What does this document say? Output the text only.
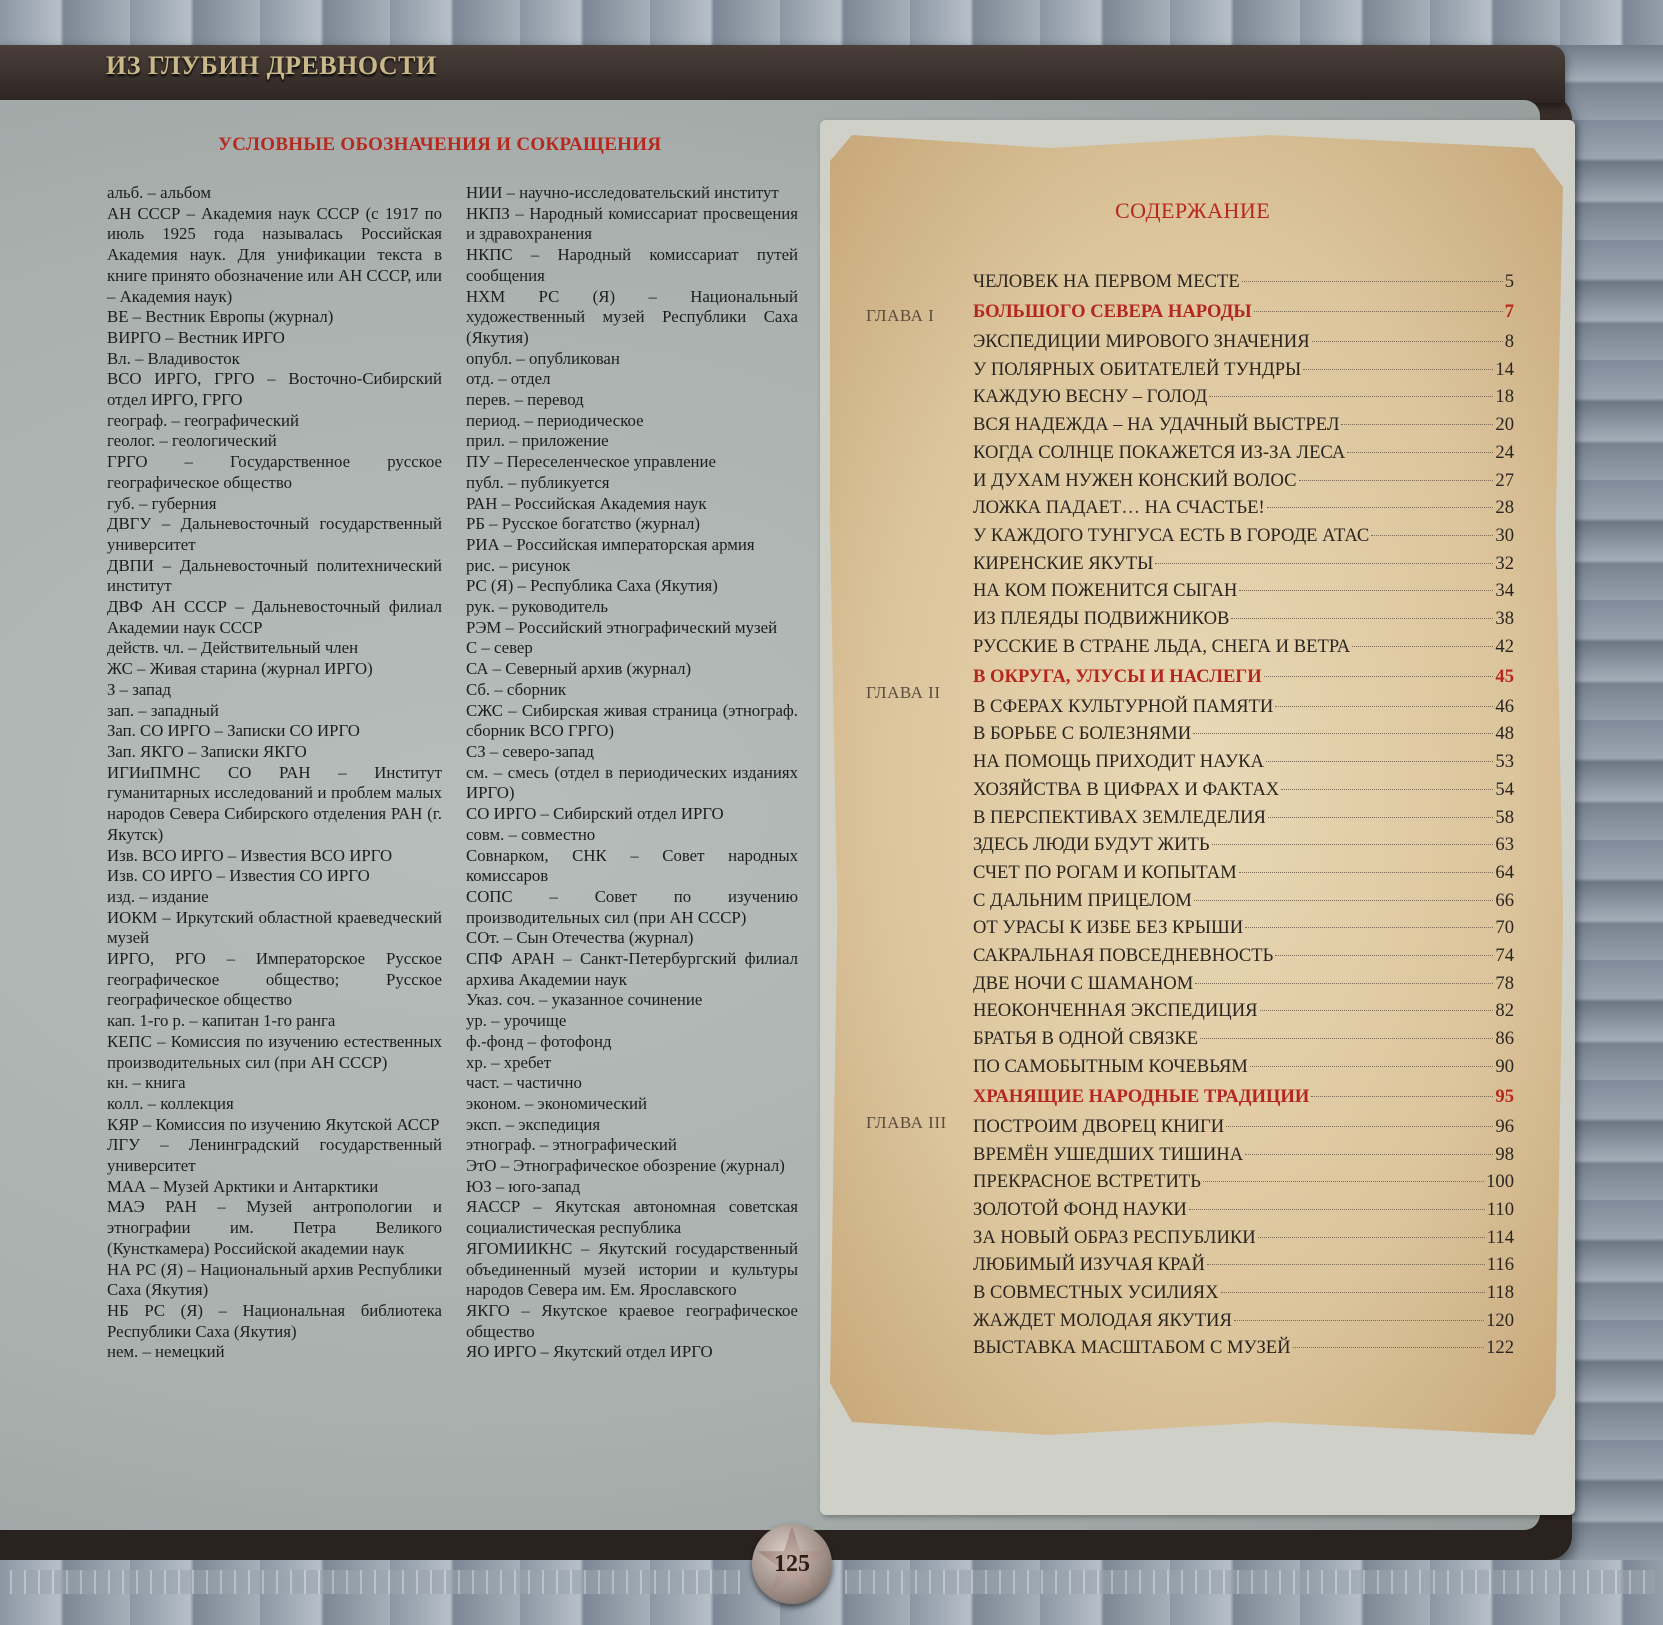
ИЗ ГЛУБИН ДРЕВНОСТИ
УСЛОВНЫЕ ОБОЗНАЧЕНИЯ И СОКРАЩЕНИЯ

альб. – альбом

АН СССР – Академия наук СССР (с 1917 по июль 1925 года называлась Российская Академия наук. Для унификации текста в книге принято обозначение или АН СССР, или – Академия наук)

ВЕ – Вестник Европы (журнал)

ВИРГО – Вестник ИРГО

Вл. – Владивосток

ВСО ИРГО, ГРГО – Восточно-Сибирский отдел ИРГО, ГРГО

географ. – географический

геолог. – геологический

ГРГО – Государственное русское географическое общество

губ. – губерния

ДВГУ – Дальневосточный государственный университет

ДВПИ – Дальневосточный политехнический институт

ДВФ АН СССР – Дальневосточный филиал Академии наук СССР

действ. чл. – Действительный член

ЖС – Живая старина (журнал ИРГО)

З – запад

зап. – западный

Зап. СО ИРГО – Записки СО ИРГО

Зап. ЯКГО – Записки ЯКГО

ИГИиПМНС СО РАН – Институт гуманитарных исследований и проблем малых народов Севера Сибирского отделения РАН (г. Якутск)

Изв. ВСО ИРГО – Известия ВСО ИРГО

Изв. СО ИРГО – Известия СО ИРГО

изд. – издание

ИОКМ – Иркутский областной краеведческий музей

ИРГО, РГО – Императорское Русское географическое общество; Русское географическое общество

кап. 1-го р. – капитан 1-го ранга

КЕПС – Комиссия по изучению естественных производительных сил (при АН СССР)

кн. – книга

колл. – коллекция

КЯР – Комиссия по изучению Якутской АССР

ЛГУ – Ленинградский государственный университет

МАА – Музей Арктики и Антарктики

МАЭ РАН – Музей антропологии и этнографии им. Петра Великого (Кунсткамера) Российской академии наук

НА РС (Я) – Национальный архив Республики Саха (Якутия)

НБ РС (Я) – Национальная библиотека Республики Саха (Якутия)

нем. – немецкий

НИИ – научно-исследовательский институт

НКПЗ – Народный комиссариат просвещения и здравохранения

НКПС – Народный комиссариат путей сообщения

НХМ РС (Я) – Национальный художественный музей Республики Саха (Якутия)

опубл. – опубликован

отд. – отдел

перев. – перевод

период. – периодическое

прил. – приложение

ПУ – Переселенческое управление

публ. – публикуется

РАН – Российская Академия наук

РБ – Русское богатство (журнал)

РИА – Российская императорская армия

рис. – рисунок

РС (Я) – Республика Саха (Якутия)

рук. – руководитель

РЭМ – Российский этнографический музей

С – север

СА – Северный архив (журнал)

Сб. – сборник

СЖС – Сибирская живая страница (этнограф. сборник ВСО ГРГО)

СЗ – северо-запад

см. – смесь (отдел в периодических изданиях ИРГО)

СО ИРГО – Сибирский отдел ИРГО

совм. – совместно

Совнарком, СНК – Совет народных комиссаров

СОПС – Совет по изучению производительных сил (при АН СССР)

СОт. – Сын Отечества (журнал)

СПФ АРАН – Санкт-Петербургский филиал архива Академии наук

Указ. соч. – указанное сочинение

ур. – урочище

ф.-фонд – фотофонд

хр. – хребет

част. – частично

эконом. – экономический

эксп. – экспедиция

этнограф. – этнографический

ЭтО – Этнографическое обозрение (журнал)

ЮЗ – юго-запад

ЯАССР – Якутская автономная советская социалистическая республика

ЯГОМИИКНС – Якутский государственный объединенный музей истории и культуры народов Севера им. Ем. Ярославского

ЯКГО – Якутское краевое географическое общество

ЯО ИРГО – Якутский отдел ИРГО

СОДЕРЖАНИЕ
ЧЕЛОВЕК НА ПЕРВОМ МЕСТЕ	5
БОЛЬШОГО СЕВЕРА НАРОДЫ	7
ЭКСПЕДИЦИИ МИРОВОГО ЗНАЧЕНИЯ	8
У ПОЛЯРНЫХ ОБИТАТЕЛЕЙ ТУНДРЫ	14
КАЖДУЮ ВЕСНУ – ГОЛОД	18
ВСЯ НАДЕЖДА – НА УДАЧНЫЙ ВЫСТРЕЛ	20
КОГДА СОЛНЦЕ ПОКАЖЕТСЯ ИЗ-ЗА ЛЕСА	24
И ДУХАМ НУЖЕН КОНСКИЙ ВОЛОС	27
ЛОЖКА ПАДАЕТ… НА СЧАСТЬЕ!	28
У КАЖДОГО ТУНГУСА ЕСТЬ В ГОРОДЕ АТАС	30
КИРЕНСКИЕ ЯКУТЫ	32
НА КОМ ПОЖЕНИТСЯ СЫГАН	34
ИЗ ПЛЕЯДЫ ПОДВИЖНИКОВ	38
РУССКИЕ В СТРАНЕ ЛЬДА, СНЕГА И ВЕТРА	42
В ОКРУГА, УЛУСЫ И НАСЛЕГИ	45
В СФЕРАХ КУЛЬТУРНОЙ ПАМЯТИ	46
В БОРЬБЕ С БОЛЕЗНЯМИ	48
НА ПОМОЩЬ ПРИХОДИТ НАУКА	53
ХОЗЯЙСТВА В ЦИФРАХ И ФАКТАХ	54
В ПЕРСПЕКТИВАХ ЗЕМЛЕДЕЛИЯ	58
ЗДЕСЬ ЛЮДИ БУДУТ ЖИТЬ	63
СЧЕТ ПО РОГАМ И КОПЫТАМ	64
С ДАЛЬНИМ ПРИЦЕЛОМ	66
ОТ УРАСЫ К ИЗБЕ БЕЗ КРЫШИ	70
САКРАЛЬНАЯ ПОВСЕДНЕВНОСТЬ	74
ДВЕ НОЧИ С ШАМАНОМ	78
НЕОКОНЧЕННАЯ ЭКСПЕДИЦИЯ	82
БРАТЬЯ В ОДНОЙ СВЯЗКЕ	86
ПО САМОБЫТНЫМ КОЧЕВЬЯМ	90
ХРАНЯЩИЕ НАРОДНЫЕ ТРАДИЦИИ	95
ПОСТРОИМ ДВОРЕЦ КНИГИ	96
ВРЕМЁН УШЕДШИХ ТИШИНА	98
ПРЕКРАСНОЕ ВСТРЕТИТЬ	100
ЗОЛОТОЙ ФОНД НАУКИ	110
ЗА НОВЫЙ ОБРАЗ РЕСПУБЛИКИ	114
ЛЮБИМЫЙ ИЗУЧАЯ КРАЙ	116
В СОВМЕСТНЫХ УСИЛИЯХ	118
ЖАЖДЕТ МОЛОДАЯ ЯКУТИЯ	120
ВЫСТАВКА МАСШТАБОМ С МУЗЕЙ	122
ГЛАВА I
ГЛАВА II
ГЛАВА III
125
